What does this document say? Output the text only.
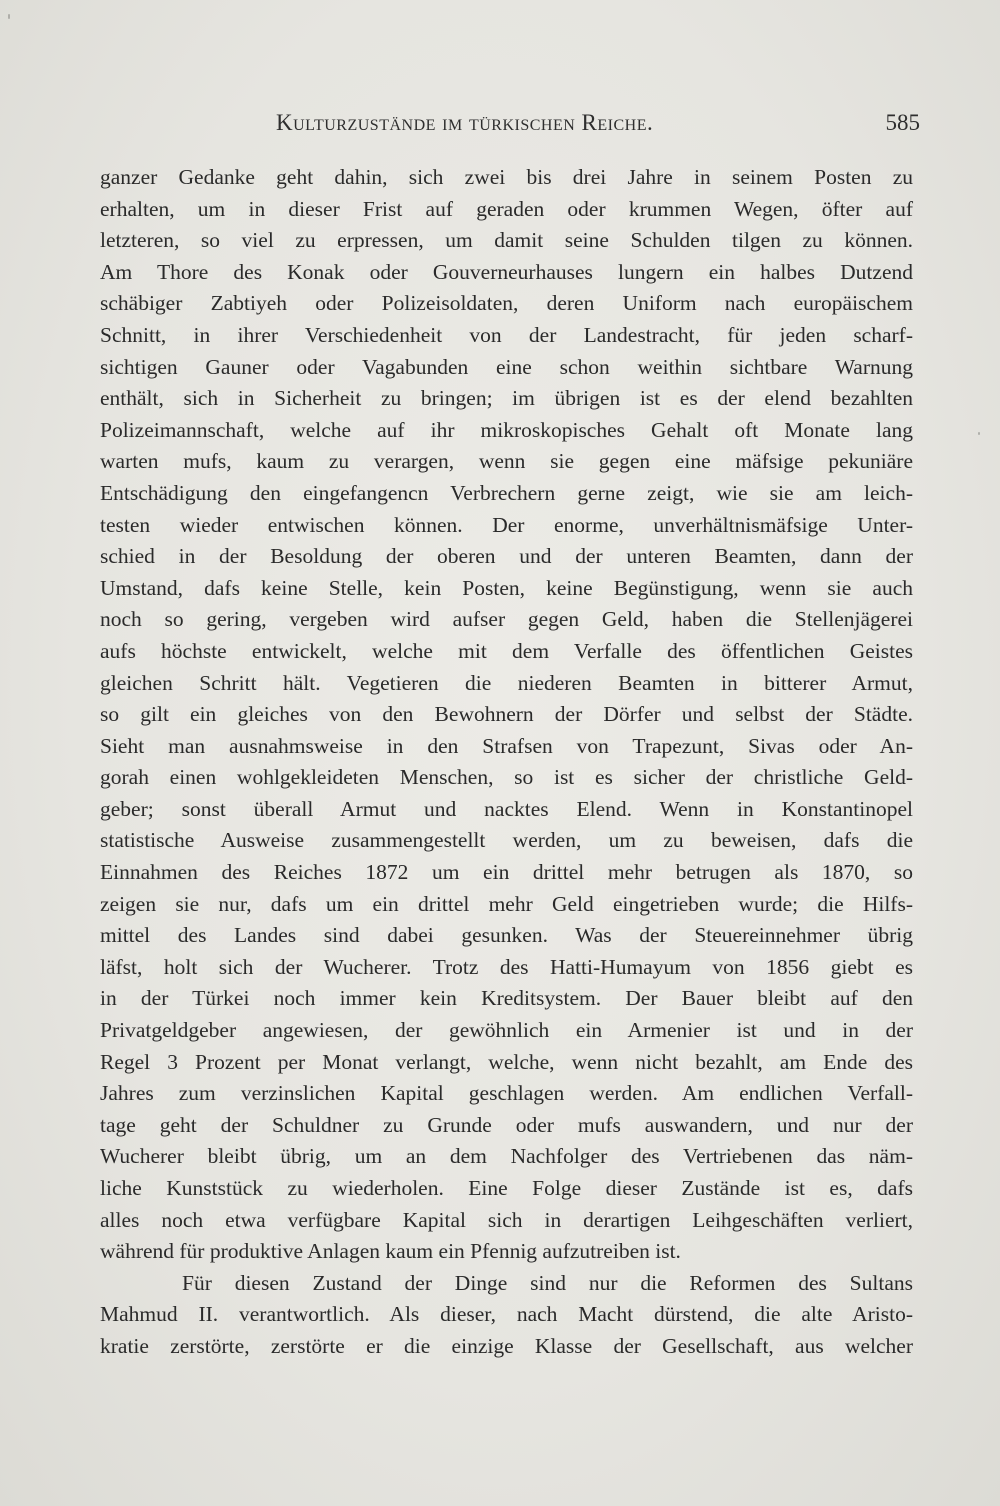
Kulturzustände im türkischen Reiche.	585
ganzer Gedanke geht dahin, sich zwei bis drei Jahre in seinem Posten zu
erhalten, um in dieser Frist auf geraden oder krummen Wegen, öfter auf
letzteren, so viel zu erpressen, um damit seine Schulden tilgen zu können.
Am Thore des Konak oder Gouverneurhauses lungern ein halbes Dutzend
schäbiger Zabtiyeh oder Polizeisoldaten, deren Uniform nach europäischem
Schnitt, in ihrer Verschiedenheit von der Landestracht, für jeden scharf-
sichtigen Gauner oder Vagabunden eine schon weithin sichtbare Warnung
enthält, sich in Sicherheit zu bringen; im übrigen ist es der elend bezahlten
Polizeimannschaft, welche auf ihr mikroskopisches Gehalt oft Monate lang
warten mufs, kaum zu verargen, wenn sie gegen eine mäfsige pekuniäre
Entschädigung den eingefangencn Verbrechern gerne zeigt, wie sie am leich-
testen wieder entwischen können. Der enorme, unverhältnismäfsige Unter-
schied in der Besoldung der oberen und der unteren Beamten, dann der
Umstand, dafs keine Stelle, kein Posten, keine Begünstigung, wenn sie auch
noch so gering, vergeben wird aufser gegen Geld, haben die Stellenjägerei
aufs höchste entwickelt, welche mit dem Verfalle des öffentlichen Geistes
gleichen Schritt hält. Vegetieren die niederen Beamten in bitterer Armut,
so gilt ein gleiches von den Bewohnern der Dörfer und selbst der Städte.
Sieht man ausnahmsweise in den Strafsen von Trapezunt, Sivas oder An-
gorah einen wohlgekleideten Menschen, so ist es sicher der christliche Geld-
geber; sonst überall Armut und nacktes Elend. Wenn in Konstantinopel
statistische Ausweise zusammengestellt werden, um zu beweisen, dafs die
Einnahmen des Reiches 1872 um ein drittel mehr betrugen als 1870, so
zeigen sie nur, dafs um ein drittel mehr Geld eingetrieben wurde; die Hilfs-
mittel des Landes sind dabei gesunken. Was der Steuereinnehmer übrig
läfst, holt sich der Wucherer. Trotz des Hatti-Humayum von 1856 giebt es
in der Türkei noch immer kein Kreditsystem. Der Bauer bleibt auf den
Privatgeldgeber angewiesen, der gewöhnlich ein Armenier ist und in der
Regel 3 Prozent per Monat verlangt, welche, wenn nicht bezahlt, am Ende des
Jahres zum verzinslichen Kapital geschlagen werden. Am endlichen Verfall-
tage geht der Schuldner zu Grunde oder mufs auswandern, und nur der
Wucherer bleibt übrig, um an dem Nachfolger des Vertriebenen das näm-
liche Kunststück zu wiederholen. Eine Folge dieser Zustände ist es, dafs
alles noch etwa verfügbare Kapital sich in derartigen Leihgeschäften verliert,
während für produktive Anlagen kaum ein Pfennig aufzutreiben ist.
Für diesen Zustand der Dinge sind nur die Reformen des Sultans
Mahmud II. verantwortlich. Als dieser, nach Macht dürstend, die alte Aristo-
kratie zerstörte, zerstörte er die einzige Klasse der Gesellschaft, aus welcher
